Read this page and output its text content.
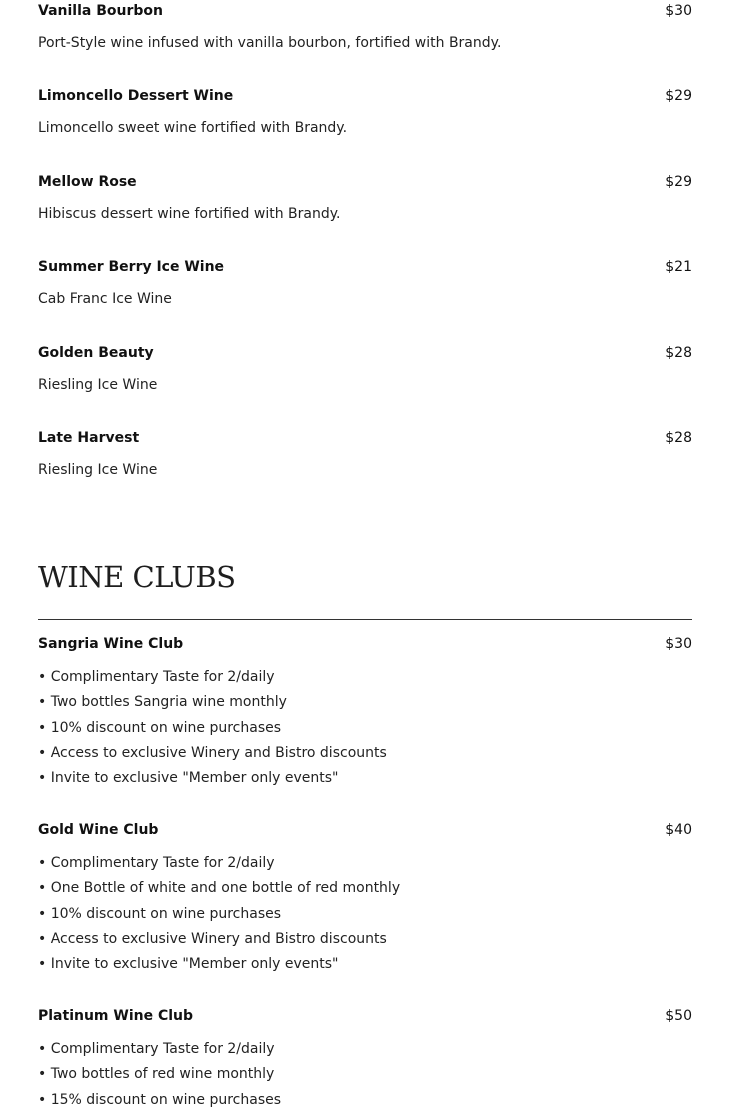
Vanilla Bourbon	$30
Port-Style wine infused with vanilla bourbon, fortified with Brandy.
Limoncello Dessert Wine	$29
Limoncello sweet wine fortified with Brandy.
Mellow Rose	$29
Hibiscus dessert wine fortified with Brandy.
Summer Berry Ice Wine	$21
Cab Franc Ice Wine
Golden Beauty	$28
Riesling Ice Wine
Late Harvest	$28
Riesling Ice Wine
WINE CLUBS
Sangria Wine Club	$30
• Complimentary Taste for 2/daily
• Two bottles Sangria wine monthly
• 10% discount on wine purchases
• Access to exclusive Winery and Bistro discounts
• Invite to exclusive "Member only events"
Gold Wine Club	$40
• Complimentary Taste for 2/daily
• One Bottle of white and one bottle of red monthly
• 10% discount on wine purchases
• Access to exclusive Winery and Bistro discounts
• Invite to exclusive "Member only events"
Platinum Wine Club	$50
• Complimentary Taste for 2/daily
• Two bottles of red wine monthly
• 15% discount on wine purchases
